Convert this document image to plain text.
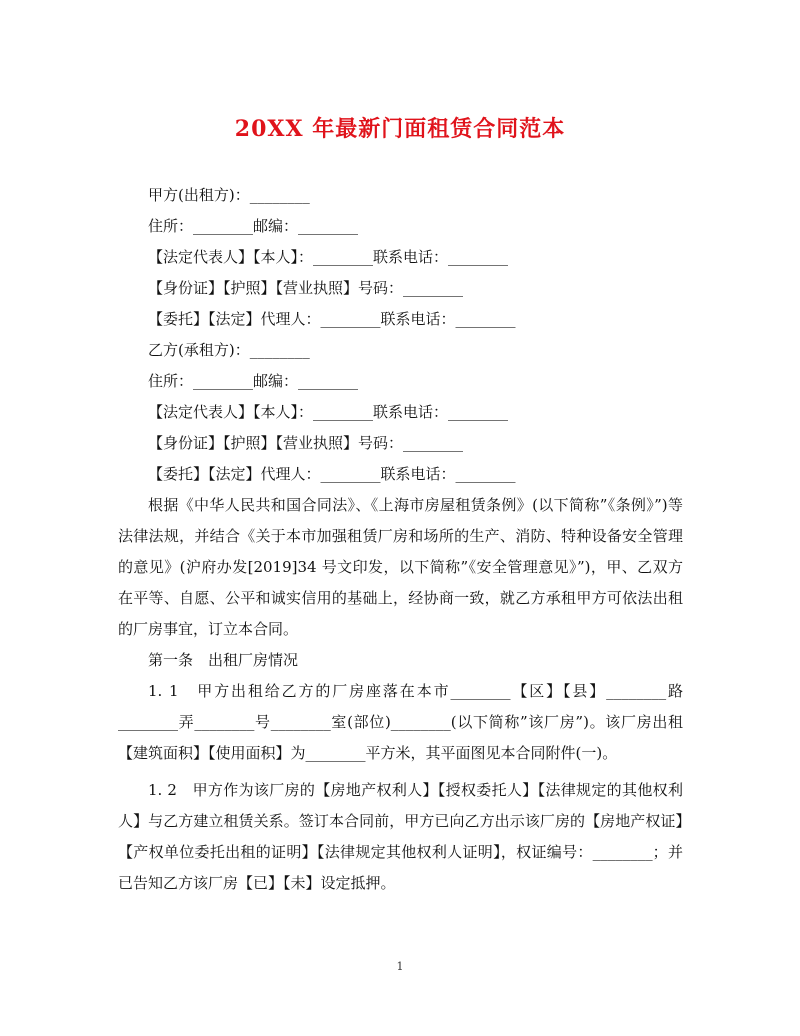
20XX 年最新门面租赁合同范本

甲方(出租方)：________

住所：________邮编：________

【法定代表人】【本人】：________联系电话：________

【身份证】【护照】【营业执照】号码：________

【委托】【法定】代理人：________联系电话：________

乙方(承租方)：________

住所：________邮编：________

【法定代表人】【本人】：________联系电话：________

【身份证】【护照】【营业执照】号码：________

【委托】【法定】代理人：________联系电话：________

根据《中华人民共和国合同法》、《上海市房屋租赁条例》(以下简称”《条例》”)等法律法规，并结合《关于本市加强租赁厂房和场所的生产、消防、特种设备安全管理的意见》(沪府办发[2019]34 号文印发，以下简称”《安全管理意见》”)，甲、乙双方在平等、自愿、公平和诚实信用的基础上，经协商一致，就乙方承租甲方可依法出租的厂房事宜，订立本合同。

第一条　出租厂房情况

1. 1　甲方出租给乙方的厂房座落在本市________【区】【县】________路________弄________号________室(部位)________(以下简称”该厂房”)。该厂房出租【建筑面积】【使用面积】为________平方米，其平面图见本合同附件(一)。

1. 2　甲方作为该厂房的【房地产权利人】【授权委托人】【法律规定的其他权利人】与乙方建立租赁关系。签订本合同前，甲方已向乙方出示该厂房的【房地产权证】【产权单位委托出租的证明】【法律规定其他权利人证明】，权证编号：________；并已告知乙方该厂房【已】【未】设定抵押。

1
